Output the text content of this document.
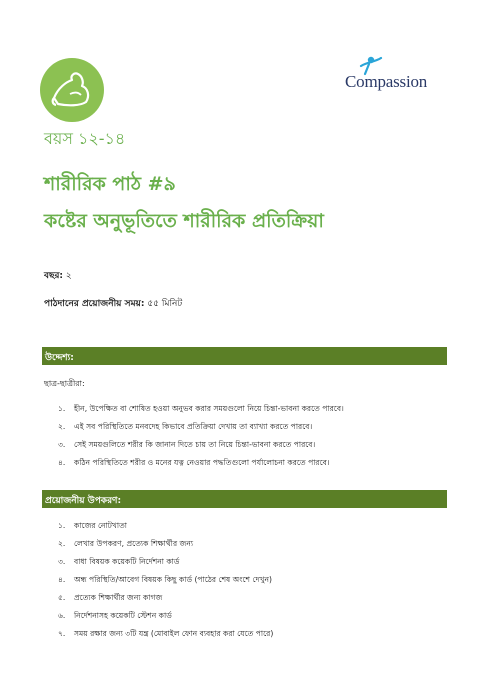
Compassion
বয়স ১২-১৪
শারীরিক পাঠ #৯
কষ্টের অনুভূতিতে শারীরিক প্রতিক্রিয়া
বছর: ২
পাঠদানের প্রয়োজনীয় সময়: ৫৫ মিনিট
উদ্দেশ্য:
ছাত্র-ছাত্রীরা:
১. হীন, উপেক্ষিত বা শোষিত হওয়া অনুভব করার সময়গুলো নিয়ে চিন্তা-ভাবনা করতে পারবে।
২. এই সব পরিস্থিতিতে মনবদেহ কিভাবে প্রতিক্রিয়া দেখায় তা ব্যাখ্যা করতে পারবে।
৩. সেই সময়গুলিতে শরীর কি জানান দিতে চায় তা নিয়ে চিন্তা-ভাবনা করতে পারবে।
৪. কঠিন পরিস্থিতিতে শরীর ও মনের যত্ন নেওয়ার পদ্ধতিগুলো পর্যালোচনা করতে পারবে।
প্রয়োজনীয় উপকরণ:
১. কাজের নোটখাতা
২. লেখার উপকরণ, প্রত্যেক শিক্ষার্থীর জন্য
৩. বাধা বিষয়ক কয়েকটি নির্দেশনা কার্ড
৪. অন্ধ পরিস্থিতি/আবেগ বিষয়ক কিছু কার্ড (পাঠের শেষ অংশে দেখুন)
৫. প্রত্যেক শিক্ষার্থীর জন্য কাগজ
৬. নির্দেশনাসহ কয়েকটি স্টেশন কার্ড
৭. সময় রক্ষার জন্য ৩টি যন্ত্র (মোবাইল ফোন ব্যবহার করা যেতে পারে)
